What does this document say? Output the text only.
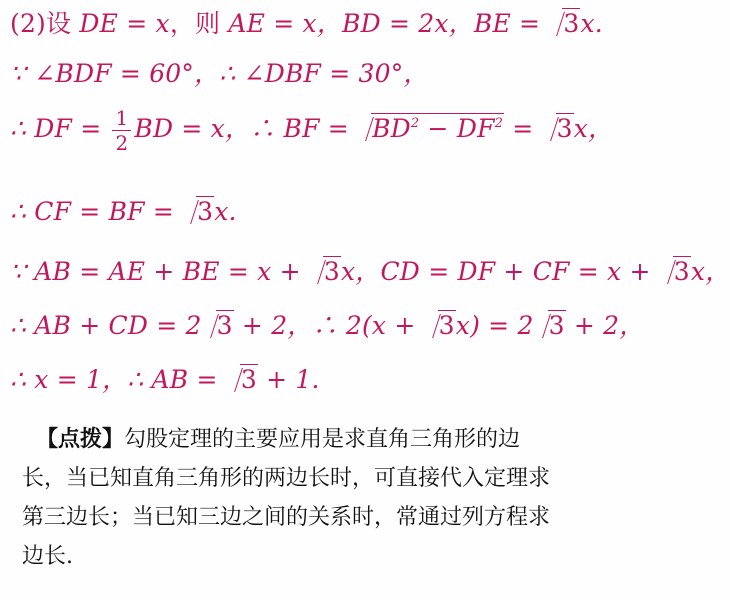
(2)设 DE = x，则 AE = x，BD = 2x，BE = 3x.
∵ ∠BDF = 60°，∴ ∠DBF = 30°，
∴ DF = $\frac{1}{2}$ BD = x，∴ BF = $BD^2 - DF^2 = 3x$，
∴ CF = BF = 3x.
∵ AB = AE + BE = x + 3x，CD = DF + CF = x + 3x，
∴ AB + CD = 2 3 + 2，∴ 2(x + 3x) = 2 3 + 2，
∴ x = 1，∴ AB = 3 + 1.

【点拨】勾股定理的主要应用是求直角三角形的边

长，当已知直角三角形的两边长时，可直接代入定理求

第三边长；当已知三边之间的关系时，常通过列方程求

边长.
